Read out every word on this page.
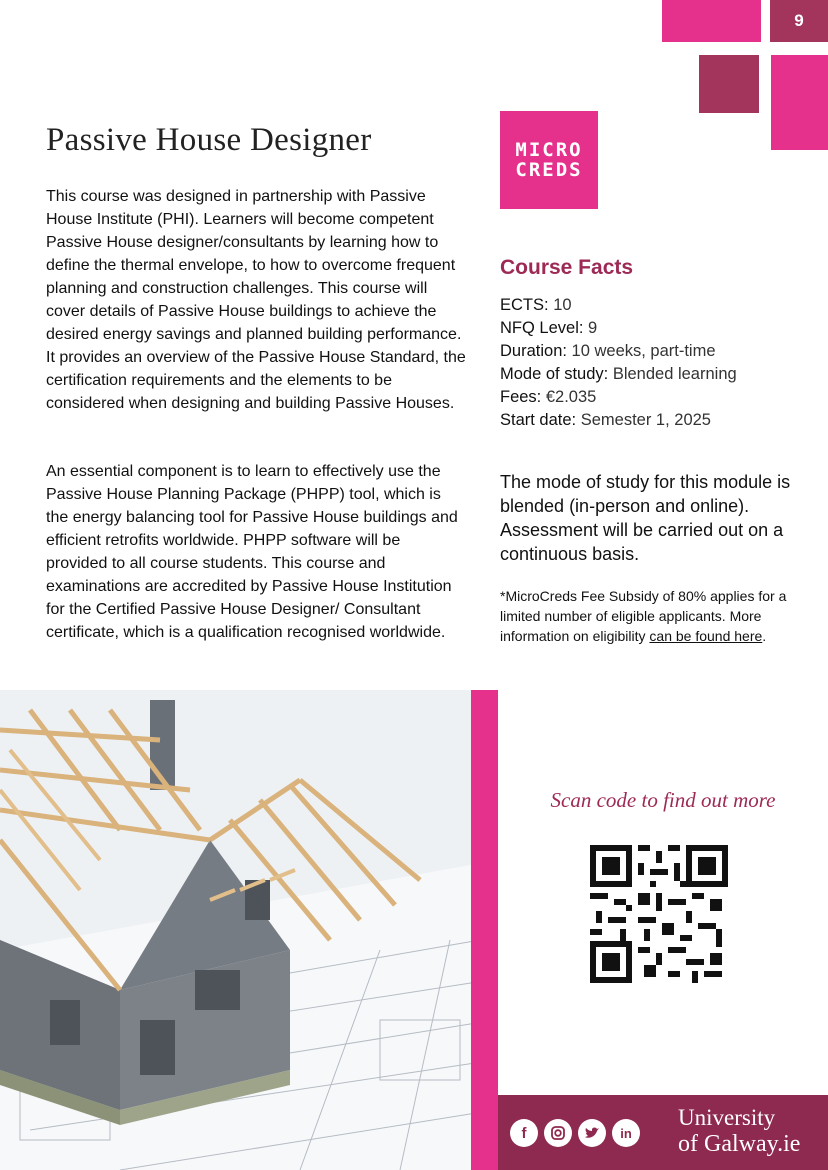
9
Passive House Designer

This course was designed in partnership with Passive House Institute (PHI). Learners will become competent Passive House designer/consultants by learning how to define the thermal envelope, to how to overcome frequent planning and construction challenges. This course will cover details of Passive House buildings to achieve the desired energy savings and planned building performance. It provides an overview of the Passive House Standard, the certification requirements and the elements to be considered when designing and building Passive Houses.

An essential component is to learn to effectively use the Passive House Planning Package (PHPP) tool, which is the energy balancing tool for Passive House buildings and efficient retrofits worldwide. PHPP software will be provided to all course students. This course and examinations are accredited by Passive House Institution for the Certified Passive House Designer/ Consultant certificate, which is a qualification recognised worldwide.

MICRO
CREDS
Course Facts
ECTS: 10
NFQ Level: 9
Duration: 10 weeks, part-time
Mode of study: Blended learning
Fees: €2.035
Start date: Semester 1, 2025

The mode of study for this module is blended (in-person and online). Assessment will be carried out on a continuous basis.

*MicroCreds Fee Subsidy of 80% applies for a limited number of eligible applicants. More information on eligibility can be found here.

Scan code to find out more
f	in
University
of Galway.ie
